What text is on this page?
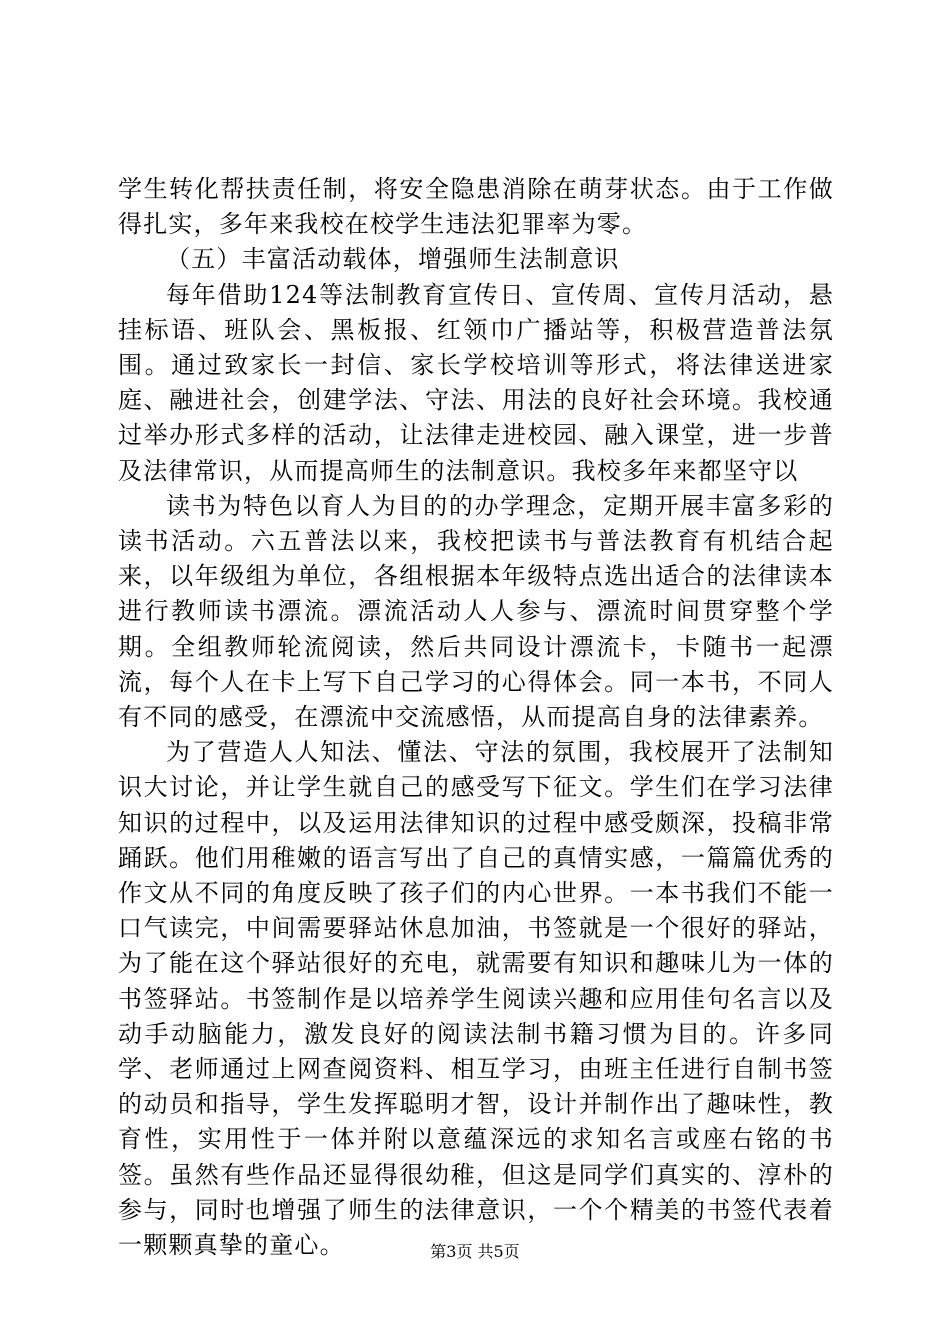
学生转化帮扶责任制，将安全隐患消除在萌芽状态。由于工作做得扎实，多年来我校在校学生违法犯罪率为零。

（五）丰富活动载体，增强师生法制意识

每年借助124等法制教育宣传日、宣传周、宣传月活动，悬挂标语、班队会、黑板报、红领巾广播站等，积极营造普法氛围。通过致家长一封信、家长学校培训等形式，将法律送进家庭、融进社会，创建学法、守法、用法的良好社会环境。我校通过举办形式多样的活动，让法律走进校园、融入课堂，进一步普及法律常识，从而提高师生的法制意识。我校多年来都坚守以

读书为特色以育人为目的的办学理念，定期开展丰富多彩的读书活动。六五普法以来，我校把读书与普法教育有机结合起来，以年级组为单位，各组根据本年级特点选出适合的法律读本进行教师读书漂流。漂流活动人人参与、漂流时间贯穿整个学期。全组教师轮流阅读，然后共同设计漂流卡，卡随书一起漂流，每个人在卡上写下自己学习的心得体会。同一本书，不同人有不同的感受，在漂流中交流感悟，从而提高自身的法律素养。

为了营造人人知法、懂法、守法的氛围，我校展开了法制知识大讨论，并让学生就自己的感受写下征文。学生们在学习法律知识的过程中，以及运用法律知识的过程中感受颇深，投稿非常踊跃。他们用稚嫩的语言写出了自己的真情实感，一篇篇优秀的作文从不同的角度反映了孩子们的内心世界。一本书我们不能一口气读完，中间需要驿站休息加油，书签就是一个很好的驿站，为了能在这个驿站很好的充电，就需要有知识和趣味儿为一体的书签驿站。书签制作是以培养学生阅读兴趣和应用佳句名言以及动手动脑能力，激发良好的阅读法制书籍习惯为目的。许多同学、老师通过上网查阅资料、相互学习，由班主任进行自制书签的动员和指导，学生发挥聪明才智，设计并制作出了趣味性，教育性，实用性于一体并附以意蕴深远的求知名言或座右铭的书签。虽然有些作品还显得很幼稚，但这是同学们真实的、淳朴的参与，同时也增强了师生的法律意识，一个个精美的书签代表着一颗颗真挚的童心。	第3页 共5页
